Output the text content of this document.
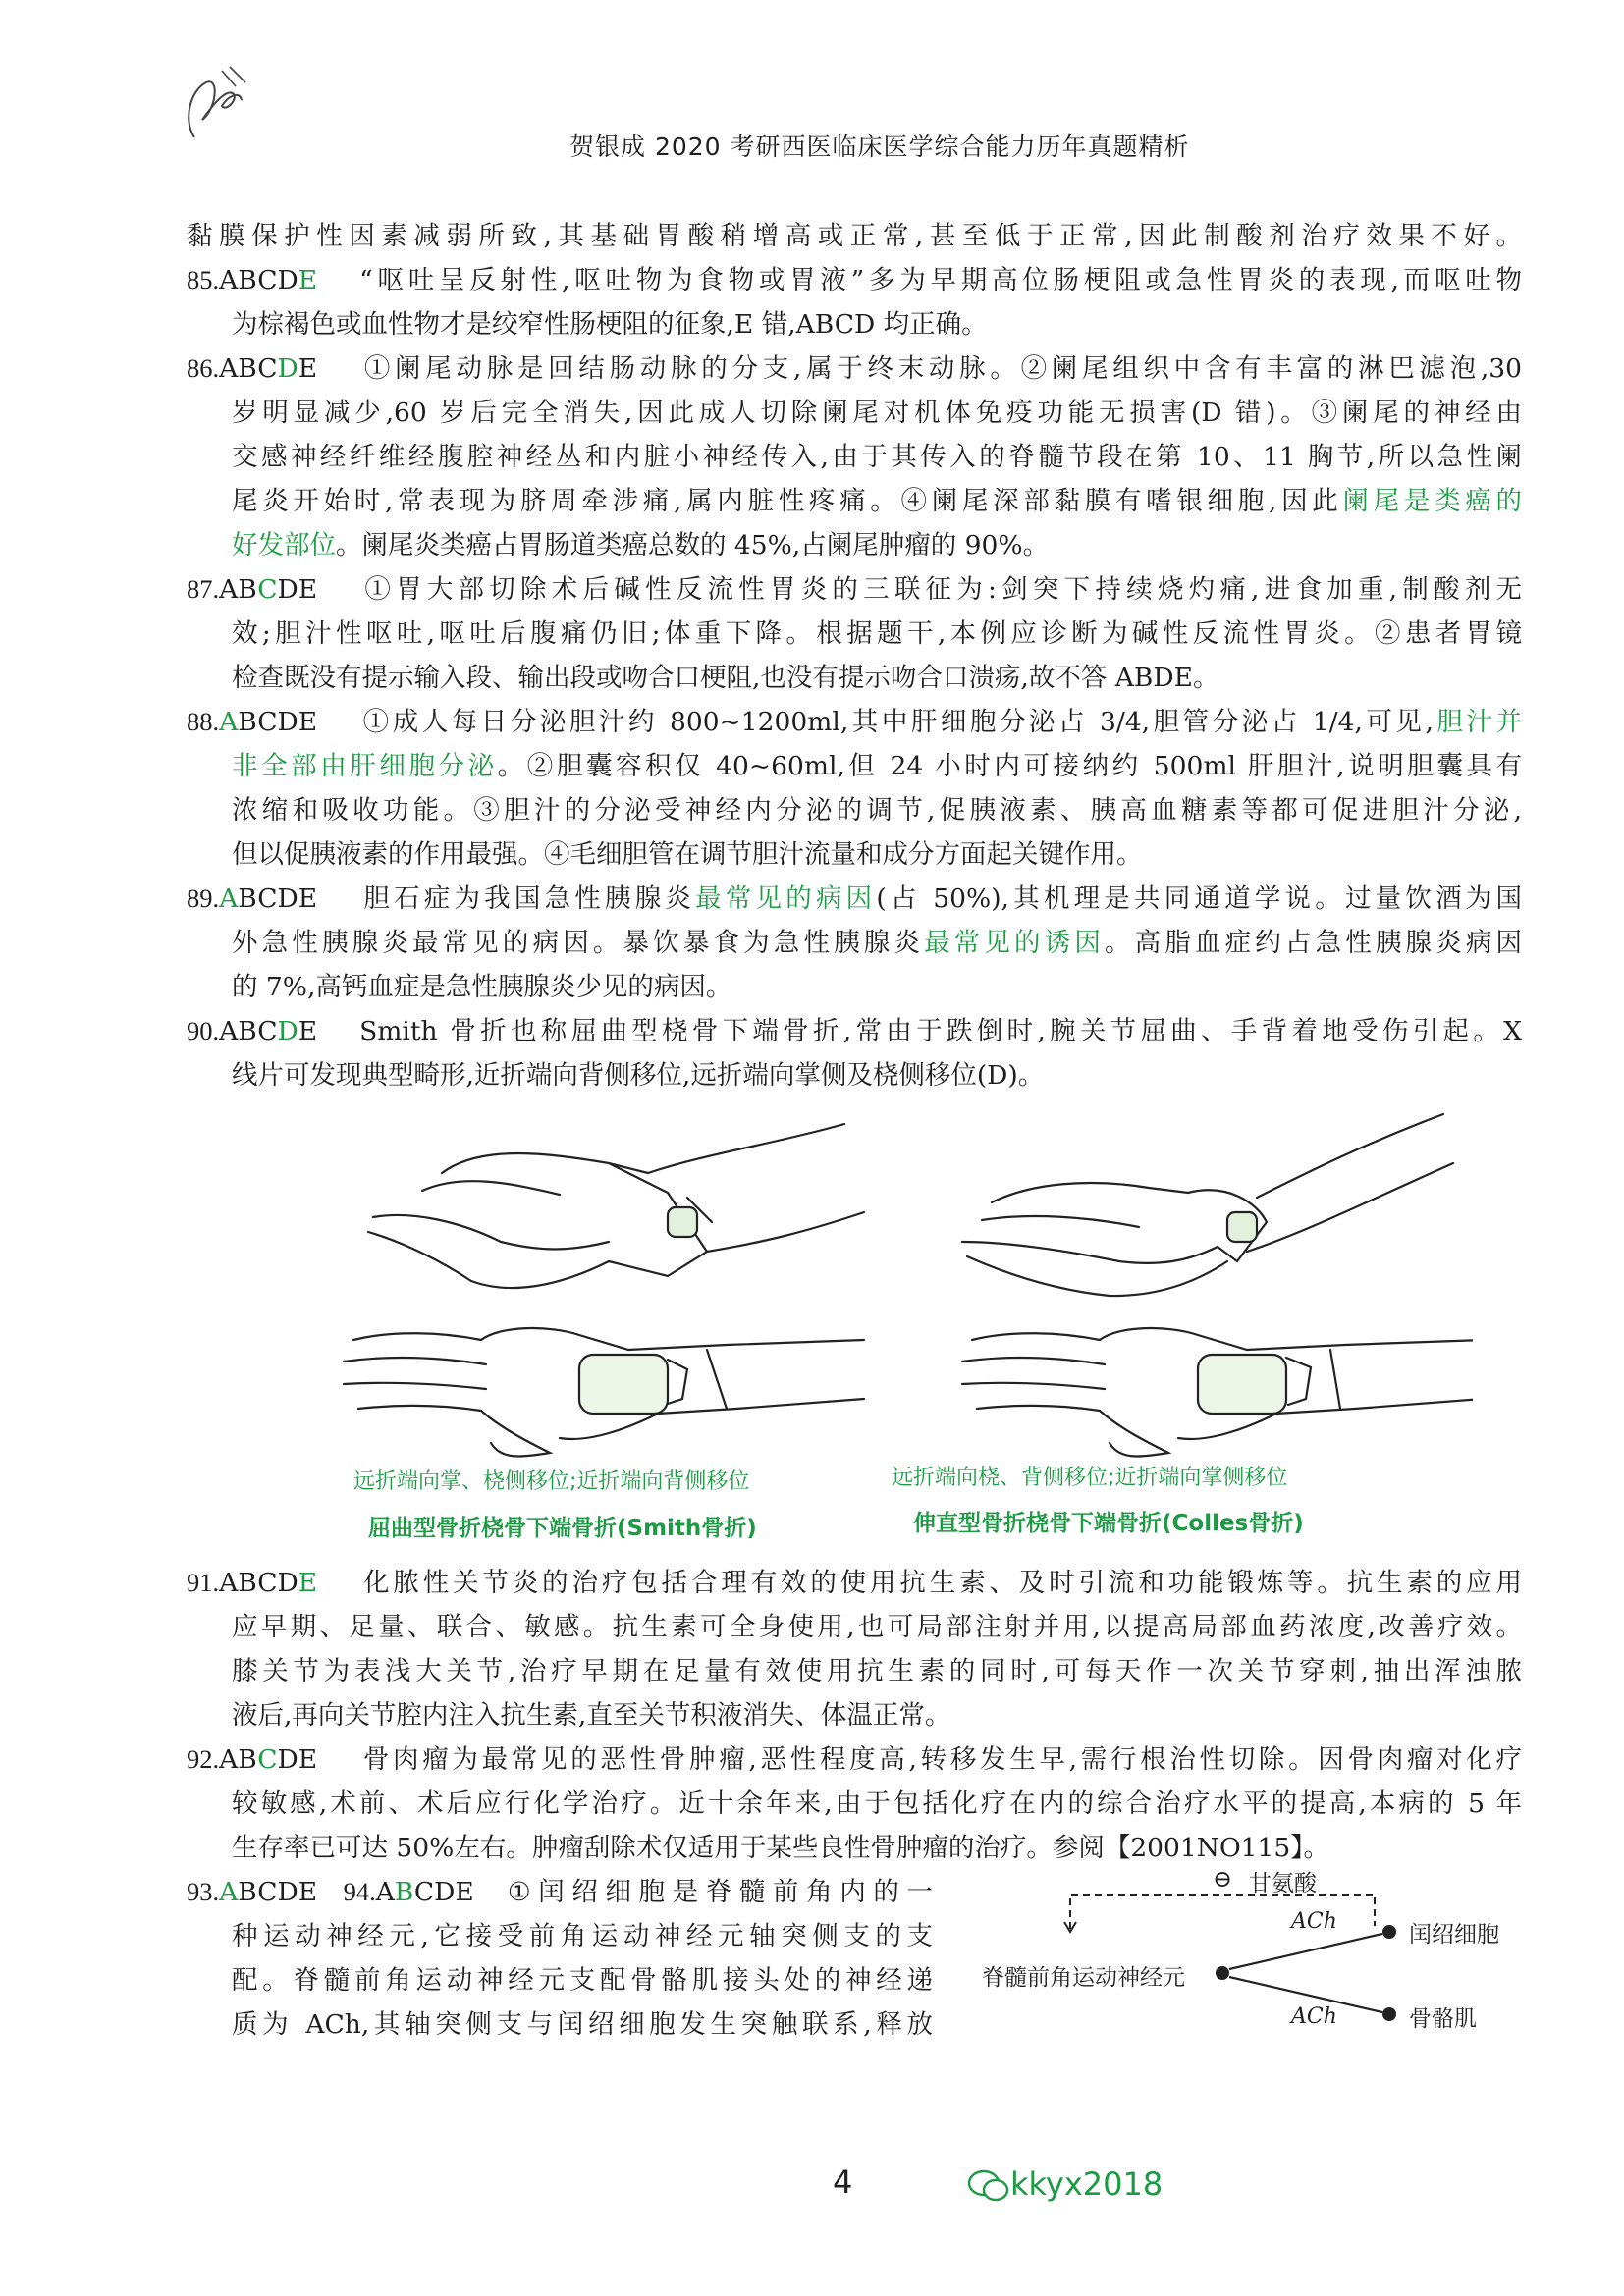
贺银成 2020 考研西医临床医学综合能力历年真题精析
黏膜保护性因素减弱所致,其基础胃酸稍增高或正常,甚至低于正常,因此制酸剂治疗效果不好。
85.ABCDE “呕吐呈反射性,呕吐物为食物或胃液”多为早期高位肠梗阻或急性胃炎的表现,而呕吐物
为棕褐色或血性物才是绞窄性肠梗阻的征象,E 错,ABCD 均正确。
86.ABCDE ①阑尾动脉是回结肠动脉的分支,属于终末动脉。②阑尾组织中含有丰富的淋巴滤泡,30
岁明显减少,60 岁后完全消失,因此成人切除阑尾对机体免疫功能无损害(D 错)。③阑尾的神经由
交感神经纤维经腹腔神经丛和内脏小神经传入,由于其传入的脊髓节段在第 10、11 胸节,所以急性阑
尾炎开始时,常表现为脐周牵涉痛,属内脏性疼痛。④阑尾深部黏膜有嗜银细胞,因此阑尾是类癌的
好发部位。阑尾炎类癌占胃肠道类癌总数的 45%,占阑尾肿瘤的 90%。
87.ABCDE ①胃大部切除术后碱性反流性胃炎的三联征为:剑突下持续烧灼痛,进食加重,制酸剂无
效;胆汁性呕吐,呕吐后腹痛仍旧;体重下降。根据题干,本例应诊断为碱性反流性胃炎。②患者胃镜
检查既没有提示输入段、输出段或吻合口梗阻,也没有提示吻合口溃疡,故不答 ABDE。
88.ABCDE ①成人每日分泌胆汁约 800~1200ml,其中肝细胞分泌占 3/4,胆管分泌占 1/4,可见,胆汁并
非全部由肝细胞分泌。②胆囊容积仅 40~60ml,但 24 小时内可接纳约 500ml 肝胆汁,说明胆囊具有
浓缩和吸收功能。③胆汁的分泌受神经内分泌的调节,促胰液素、胰高血糖素等都可促进胆汁分泌,
但以促胰液素的作用最强。④毛细胆管在调节胆汁流量和成分方面起关键作用。
89.ABCDE 胆石症为我国急性胰腺炎最常见的病因(占 50%),其机理是共同通道学说。过量饮酒为国
外急性胰腺炎最常见的病因。暴饮暴食为急性胰腺炎最常见的诱因。高脂血症约占急性胰腺炎病因
的 7%,高钙血症是急性胰腺炎少见的病因。
90.ABCDE Smith 骨折也称屈曲型桡骨下端骨折,常由于跌倒时,腕关节屈曲、手背着地受伤引起。X
线片可发现典型畸形,近折端向背侧移位,远折端向掌侧及桡侧移位(D)。
远折端向掌、桡侧移位;近折端向背侧移位
屈曲型骨折桡骨下端骨折(Smith骨折)
远折端向桡、背侧移位;近折端向掌侧移位
伸直型骨折桡骨下端骨折(Colles骨折)
91.ABCDE 化脓性关节炎的治疗包括合理有效的使用抗生素、及时引流和功能锻炼等。抗生素的应用
应早期、足量、联合、敏感。抗生素可全身使用,也可局部注射并用,以提高局部血药浓度,改善疗效。
膝关节为表浅大关节,治疗早期在足量有效使用抗生素的同时,可每天作一次关节穿刺,抽出浑浊脓
液后,再向关节腔内注入抗生素,直至关节积液消失、体温正常。
92.ABCDE 骨肉瘤为最常见的恶性骨肿瘤,恶性程度高,转移发生早,需行根治性切除。因骨肉瘤对化疗
较敏感,术前、术后应行化学治疗。近十余年来,由于包括化疗在内的综合治疗水平的提高,本病的 5 年
生存率已可达 50%左右。肿瘤刮除术仅适用于某些良性骨肿瘤的治疗。参阅【2001NO115】。
93.ABCDE  94.ABCDE  ①闰绍细胞是脊髓前角内的一
种运动神经元,它接受前角运动神经元轴突侧支的支
配。脊髓前角运动神经元支配骨骼肌接头处的神经递
质为 ACh,其轴突侧支与闰绍细胞发生突触联系,释放
⊖ 甘氨酸
脊髓前角运动神经元
ACh
ACh
闰绍细胞
骨骼肌
4	kkyx2018
